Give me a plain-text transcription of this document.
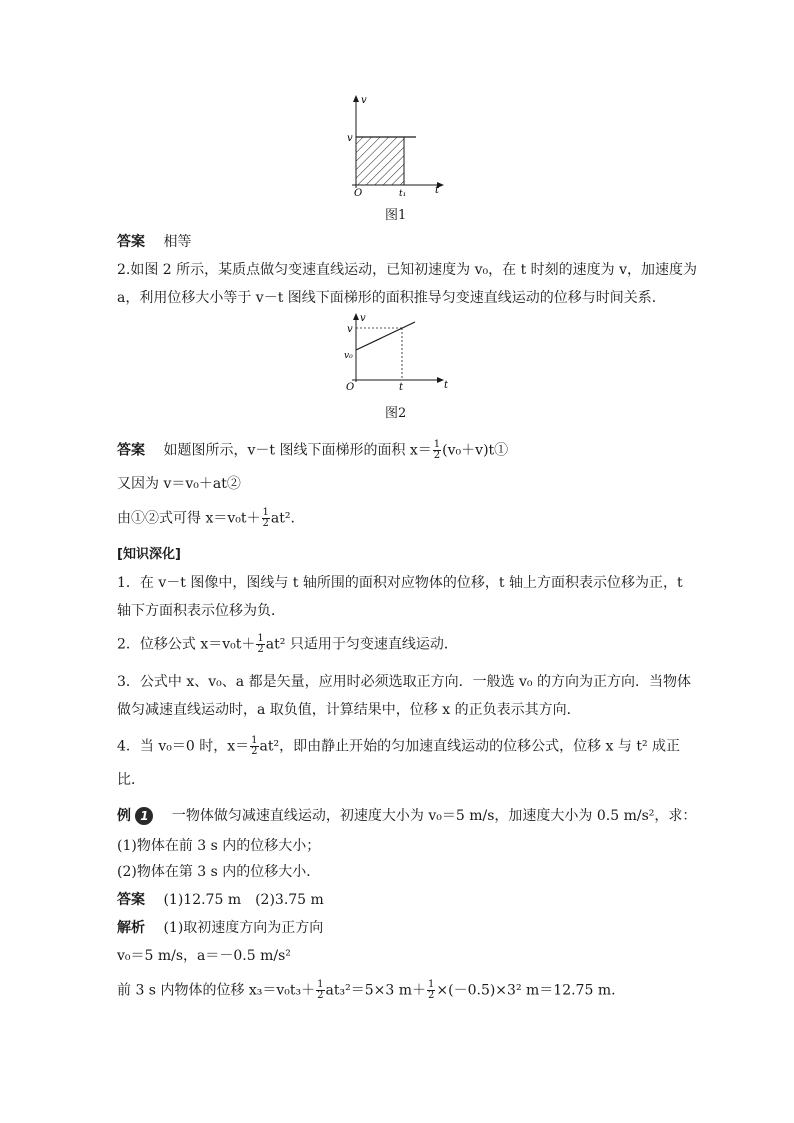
v
v
O	t₁	t
图1
答案　 相等
2.如图 2 所示，某质点做匀变速直线运动，已知初速度为 v₀，在 t 时刻的速度为 v，加速度为
a，利用位移大小等于 v－t 图线下面梯形的面积推导匀变速直线运动的位移与时间关系．
v
v
v₀
O	t	t
图2
答案　 如题图所示，v－t 图线下面梯形的面积 $x= \frac{1}{2}$ (v₀＋v)t①
又因为 v＝v₀＋at②
由①②式可得 $x=v_0t+ \frac{1}{2} at^2$.
[知识深化]
1．在 v－t 图像中，图线与 t 轴所围的面积对应物体的位移，t 轴上方面积表示位移为正，t
轴下方面积表示位移为负．
2．位移公式 $x=v_0t+ \frac{1}{2} at^2$ 只适用于匀变速直线运动．
3．公式中 x、v₀、a 都是矢量，应用时必须选取正方向．一般选 v₀ 的方向为正方向．当物体
做匀减速直线运动时，a 取负值，计算结果中，位移 x 的正负表示其方向．
4．当 v₀＝0 时，$x= \frac{1}{2} at^2$，即由静止开始的匀加速直线运动的位移公式，位移 x 与 t² 成正
比．
例 1　 一物体做匀减速直线运动，初速度大小为 v₀＝5 m/s，加速度大小为 0.5 m/s²，求：
(1)物体在前 3 s 内的位移大小；
(2)物体在第 3 s 内的位移大小．
答案　 (1)12.75 m　(2)3.75 m
解析　 (1)取初速度方向为正方向
v₀＝5 m/s，a＝－0.5 m/s²
前 3 s 内物体的位移 $x_3=v_0t_3+ \frac{1}{2} at_3^2=5\times 3$ $m+ \frac{1}{2} \times(-0.5)\times 3^2$ m＝12.75 m.
